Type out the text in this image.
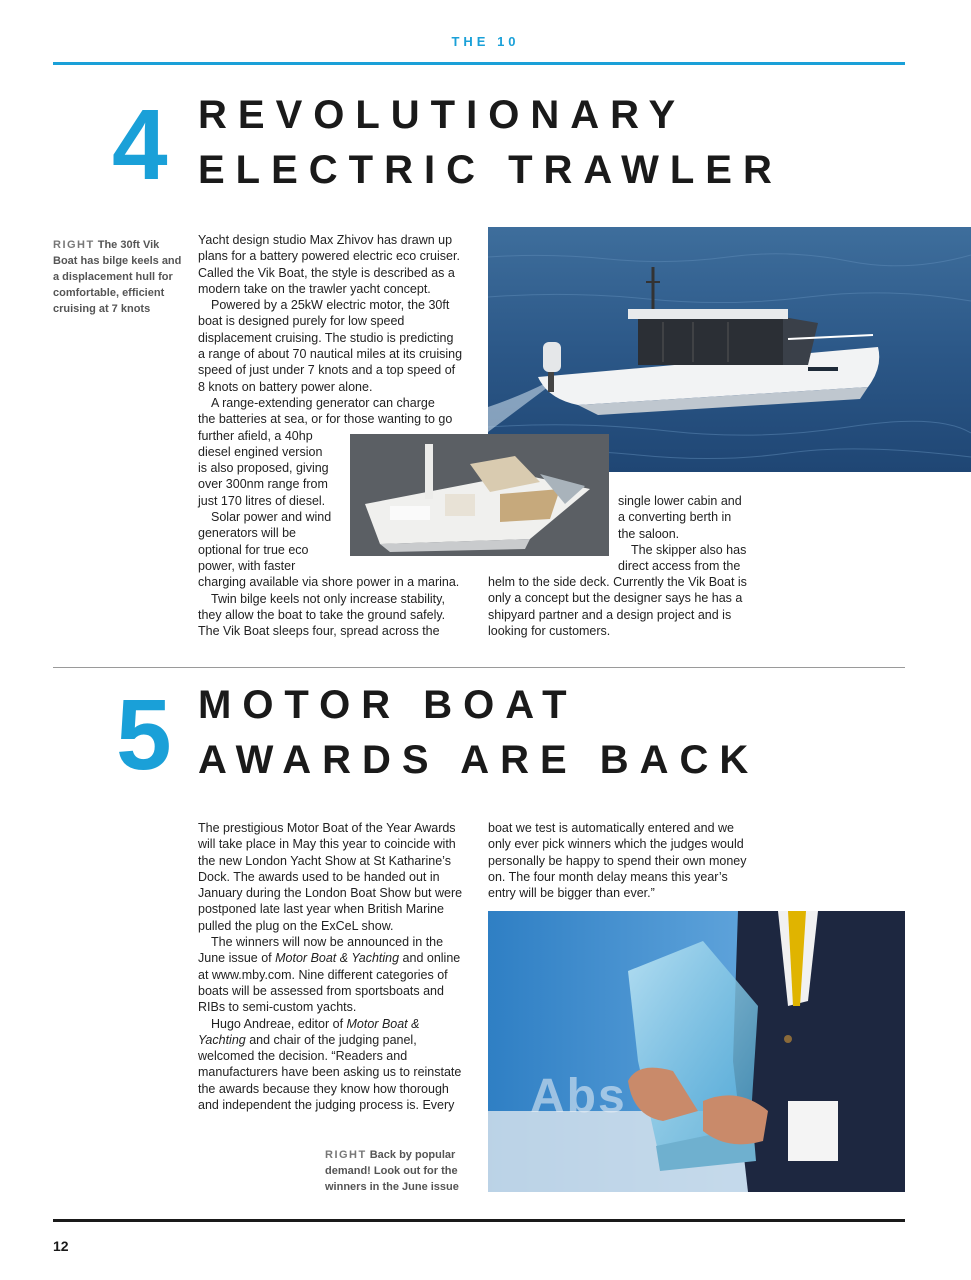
THE 10
4 REVOLUTIONARY
ELECTRIC TRAWLER
RIGHT The 30ft Vik
Boat has bilge keels and
a displacement hull for
comfortable, efficient
cruising at 7 knots

Yacht design studio Max Zhivov has drawn up

plans for a battery powered electric eco cruiser.

Called the Vik Boat, the style is described as a

modern take on the trawler yacht concept.

Powered by a 25kW electric motor, the 30ft

boat is designed purely for low speed

displacement cruising. The studio is predicting

a range of about 70 nautical miles at its cruising

speed of just under 7 knots and a top speed of

8 knots on battery power alone.

A range-extending generator can charge

the batteries at sea, or for those wanting to go

further afield, a 40hp

diesel engined version

is also proposed, giving

over 300nm range from

just 170 litres of diesel.

Solar power and wind

generators will be

optional for true eco

power, with faster

charging available via shore power in a marina.

Twin bilge keels not only increase stability,

they allow the boat to take the ground safely.

The Vik Boat sleeps four, spread across the

single lower cabin and

a converting berth in

the saloon.

The skipper also has

direct access from the

helm to the side deck. Currently the Vik Boat is

only a concept but the designer says he has a

shipyard partner and a design project and is

looking for customers.

5 MOTOR BOAT
AWARDS ARE BACK

The prestigious Motor Boat of the Year Awards

will take place in May this year to coincide with

the new London Yacht Show at St Katharine’s

Dock. The awards used to be handed out in

January during the London Boat Show but were

postponed late last year when British Marine

pulled the plug on the ExCeL show.

The winners will now be announced in the

June issue of Motor Boat & Yachting and online

at www.mby.com. Nine different categories of

boats will be assessed from sportsboats and

RIBs to semi-custom yachts.

Hugo Andreae, editor of Motor Boat &

Yachting and chair of the judging panel,

welcomed the decision. “Readers and

manufacturers have been asking us to reinstate

the awards because they know how thorough

and independent the judging process is. Every

boat we test is automatically entered and we

only ever pick winners which the judges would

personally be happy to spend their own money

on. The four month delay means this year’s

entry will be bigger than ever.”

Abs
RIGHT Back by popular
demand! Look out for the
winners in the June issue
12
